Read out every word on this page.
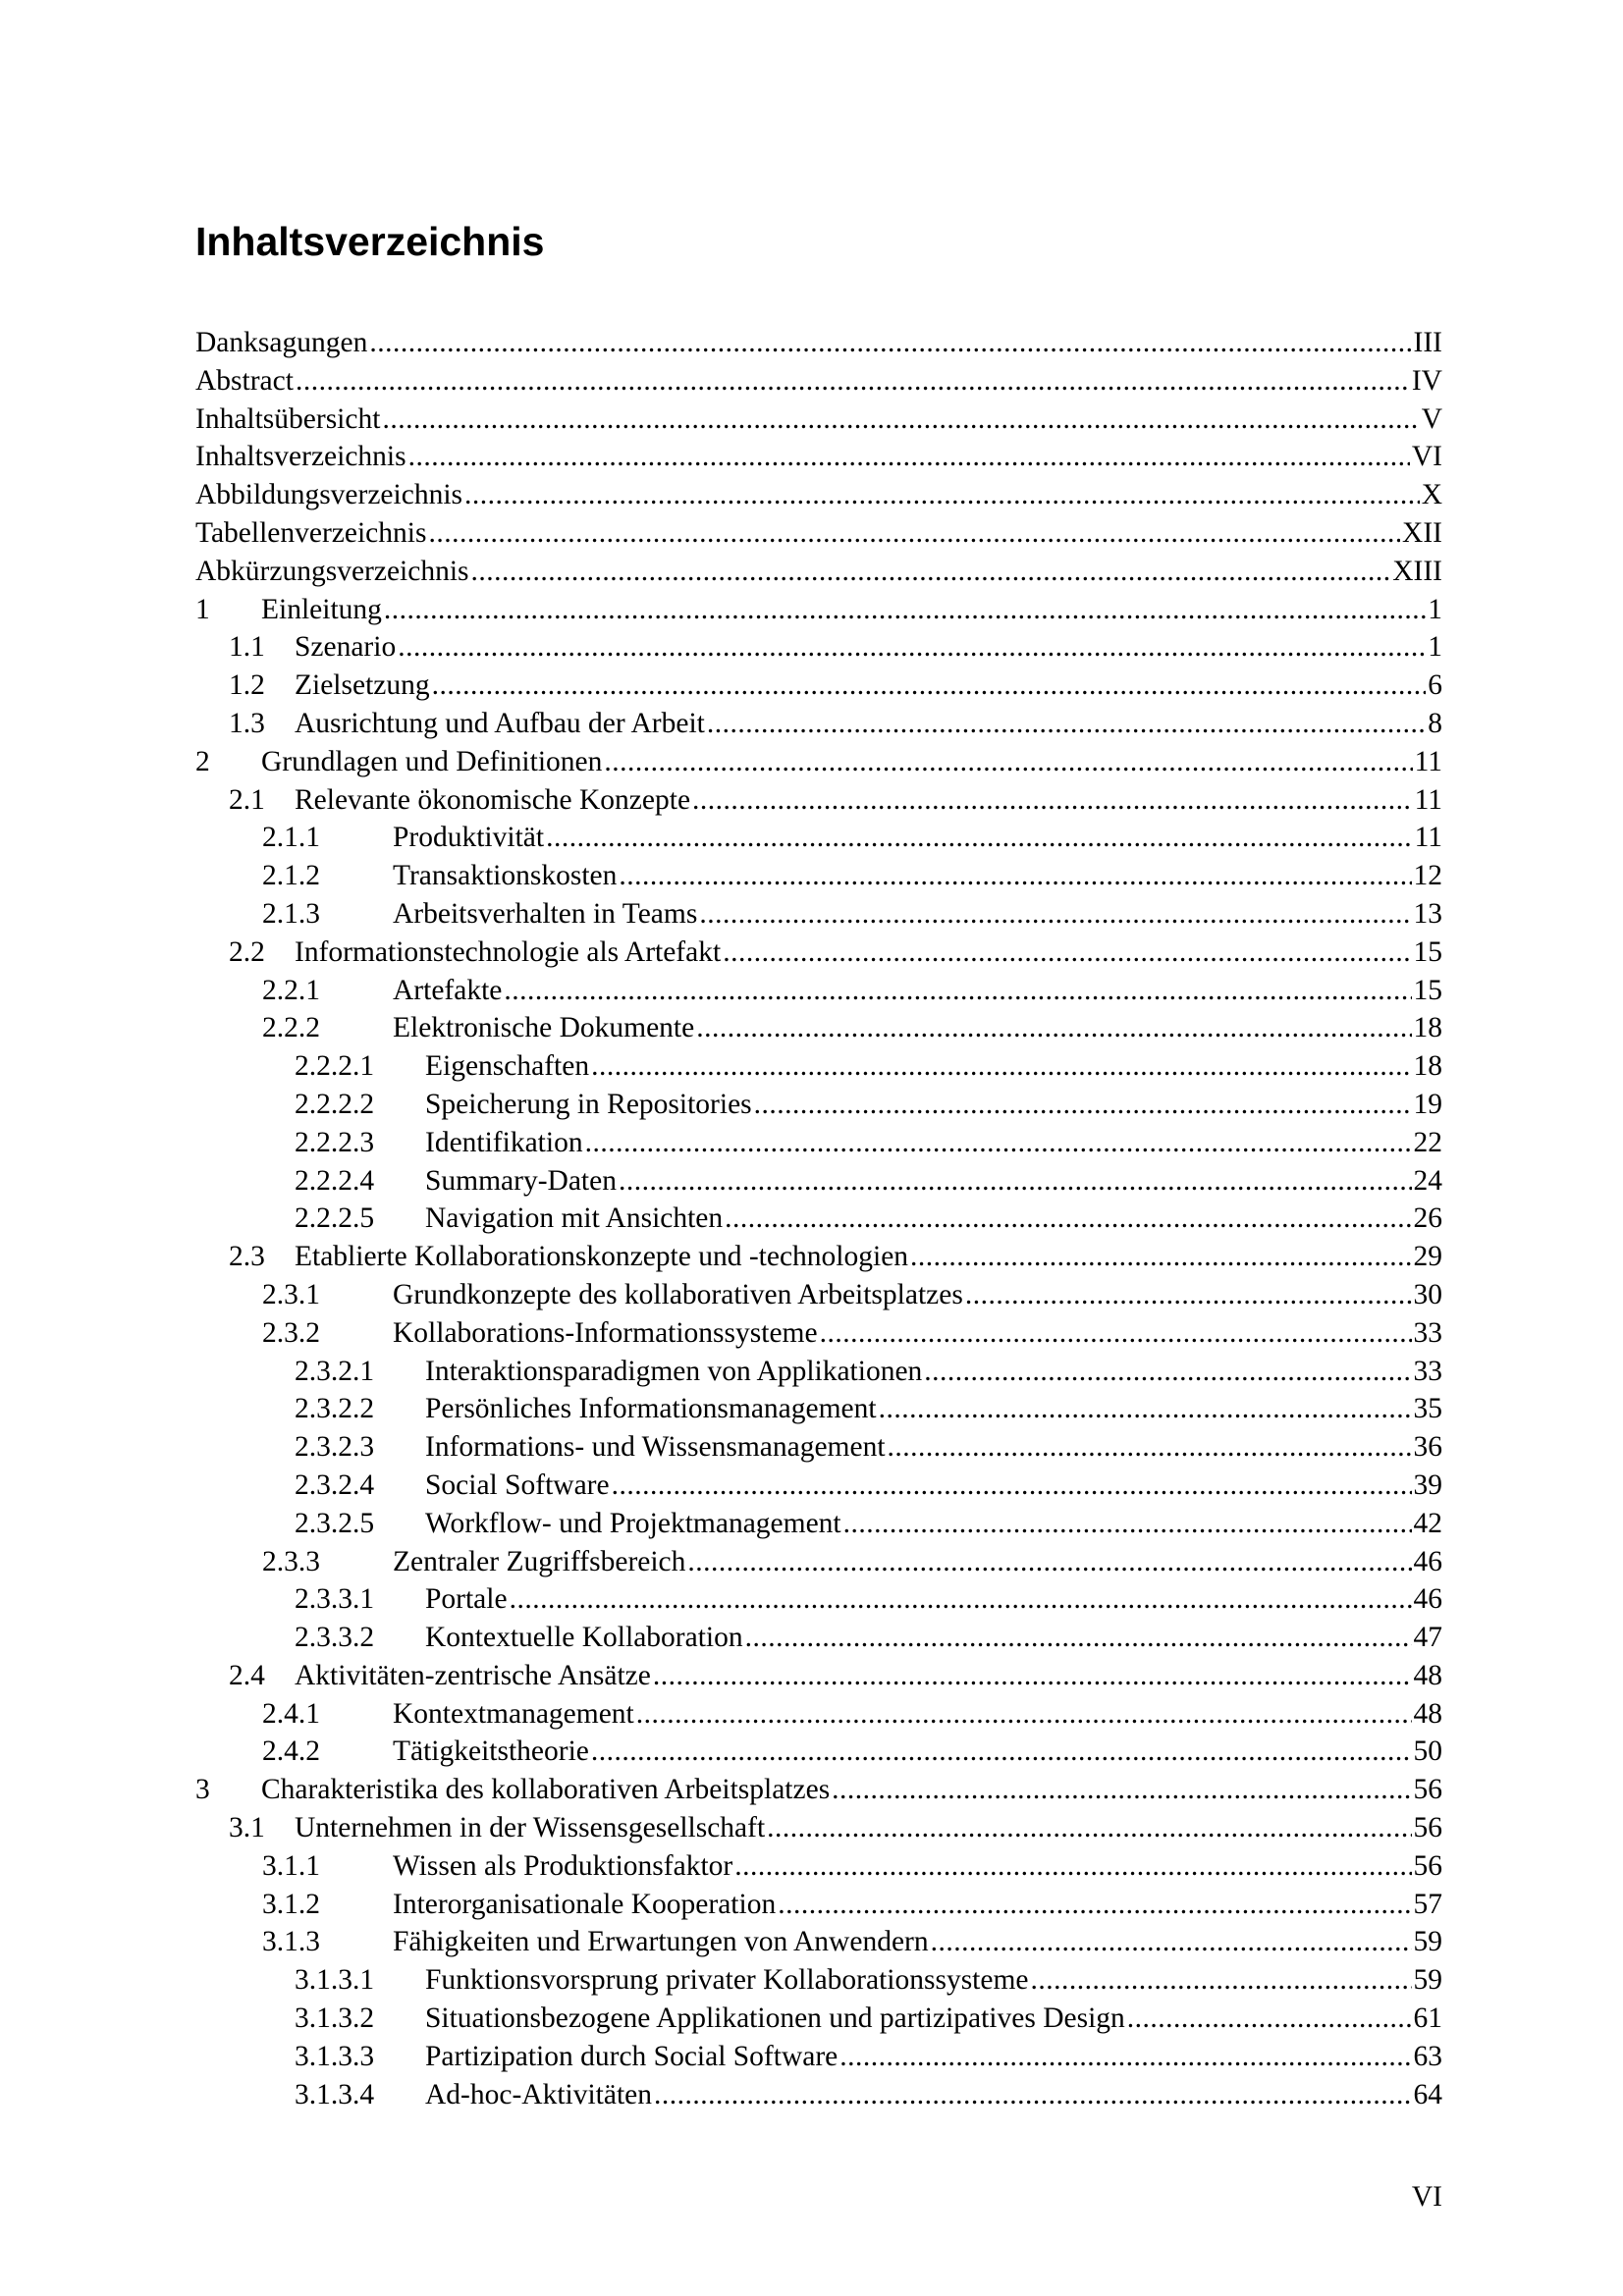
Inhaltsverzeichnis
Danksagungen .....	III
Abstract .....	IV
Inhaltsübersicht .....	V
Inhaltsverzeichnis .....	VI
Abbildungsverzeichnis .....	X
Tabellenverzeichnis .....	XII
Abkürzungsverzeichnis .....	XIII
1	Einleitung .....	1
1.1	Szenario .....	1
1.2	Zielsetzung .....	6
1.3	Ausrichtung und Aufbau der Arbeit .....	8
2	Grundlagen und Definitionen .....	11
2.1	Relevante ökonomische Konzepte .....	11
2.1.1	Produktivität .....	11
2.1.2	Transaktionskosten .....	12
2.1.3	Arbeitsverhalten in Teams .....	13
2.2	Informationstechnologie als Artefakt .....	15
2.2.1	Artefakte .....	15
2.2.2	Elektronische Dokumente .....	18
2.2.2.1	Eigenschaften .....	18
2.2.2.2	Speicherung in Repositories .....	19
2.2.2.3	Identifikation .....	22
2.2.2.4	Summary-Daten .....	24
2.2.2.5	Navigation mit Ansichten .....	26
2.3	Etablierte Kollaborationskonzepte und -technologien .....	29
2.3.1	Grundkonzepte des kollaborativen Arbeitsplatzes .....	30
2.3.2	Kollaborations-Informationssysteme .....	33
2.3.2.1	Interaktionsparadigmen von Applikationen .....	33
2.3.2.2	Persönliches Informationsmanagement .....	35
2.3.2.3	Informations- und Wissensmanagement .....	36
2.3.2.4	Social Software .....	39
2.3.2.5	Workflow- und Projektmanagement .....	42
2.3.3	Zentraler Zugriffsbereich .....	46
2.3.3.1	Portale .....	46
2.3.3.2	Kontextuelle Kollaboration .....	47
2.4	Aktivitäten-zentrische Ansätze .....	48
2.4.1	Kontextmanagement .....	48
2.4.2	Tätigkeitstheorie .....	50
3	Charakteristika des kollaborativen Arbeitsplatzes .....	56
3.1	Unternehmen in der Wissensgesellschaft .....	56
3.1.1	Wissen als Produktionsfaktor .....	56
3.1.2	Interorganisationale Kooperation .....	57
3.1.3	Fähigkeiten und Erwartungen von Anwendern .....	59
3.1.3.1	Funktionsvorsprung privater Kollaborationssysteme .....	59
3.1.3.2	Situationsbezogene Applikationen und partizipatives Design .....	61
3.1.3.3	Partizipation durch Social Software .....	63
3.1.3.4	Ad-hoc-Aktivitäten .....	64
VI
